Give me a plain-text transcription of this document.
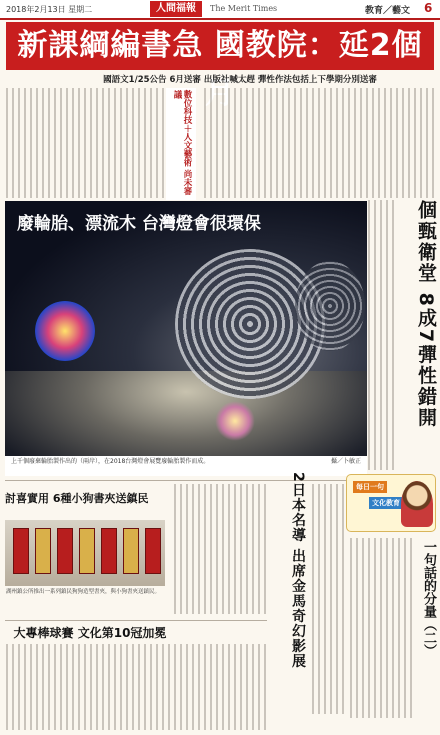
2018年2月13日 星期二	人間福報	The Merit Times	教育／藝文 6
新課綱編書急 國教院：延2個月
國語文1/25公告 6月送審 出版社喊太趕 彈性作法包括上下學期分別送審
數位科技＋人文藝術 尚未審議
廢輪胎、漂流木 台灣燈會很環保
上千個廢棄輪胎製作出的（兩岸），在2018台灣燈會展覽廢輪胎製作而成。	攝／卜敏正
個甄衛堂 8成7彈性錯開
討喜實用 6種小狗書夾送鎮民
湖州鎮公所推出一系列鎮民狗狗造型書夾，與小狗書夾送鎮民。	2日本名導 出席金馬奇幻影展	每日一句
文化教育
一句話的分量（二）
大專棒球賽 文化第10冠加冕
